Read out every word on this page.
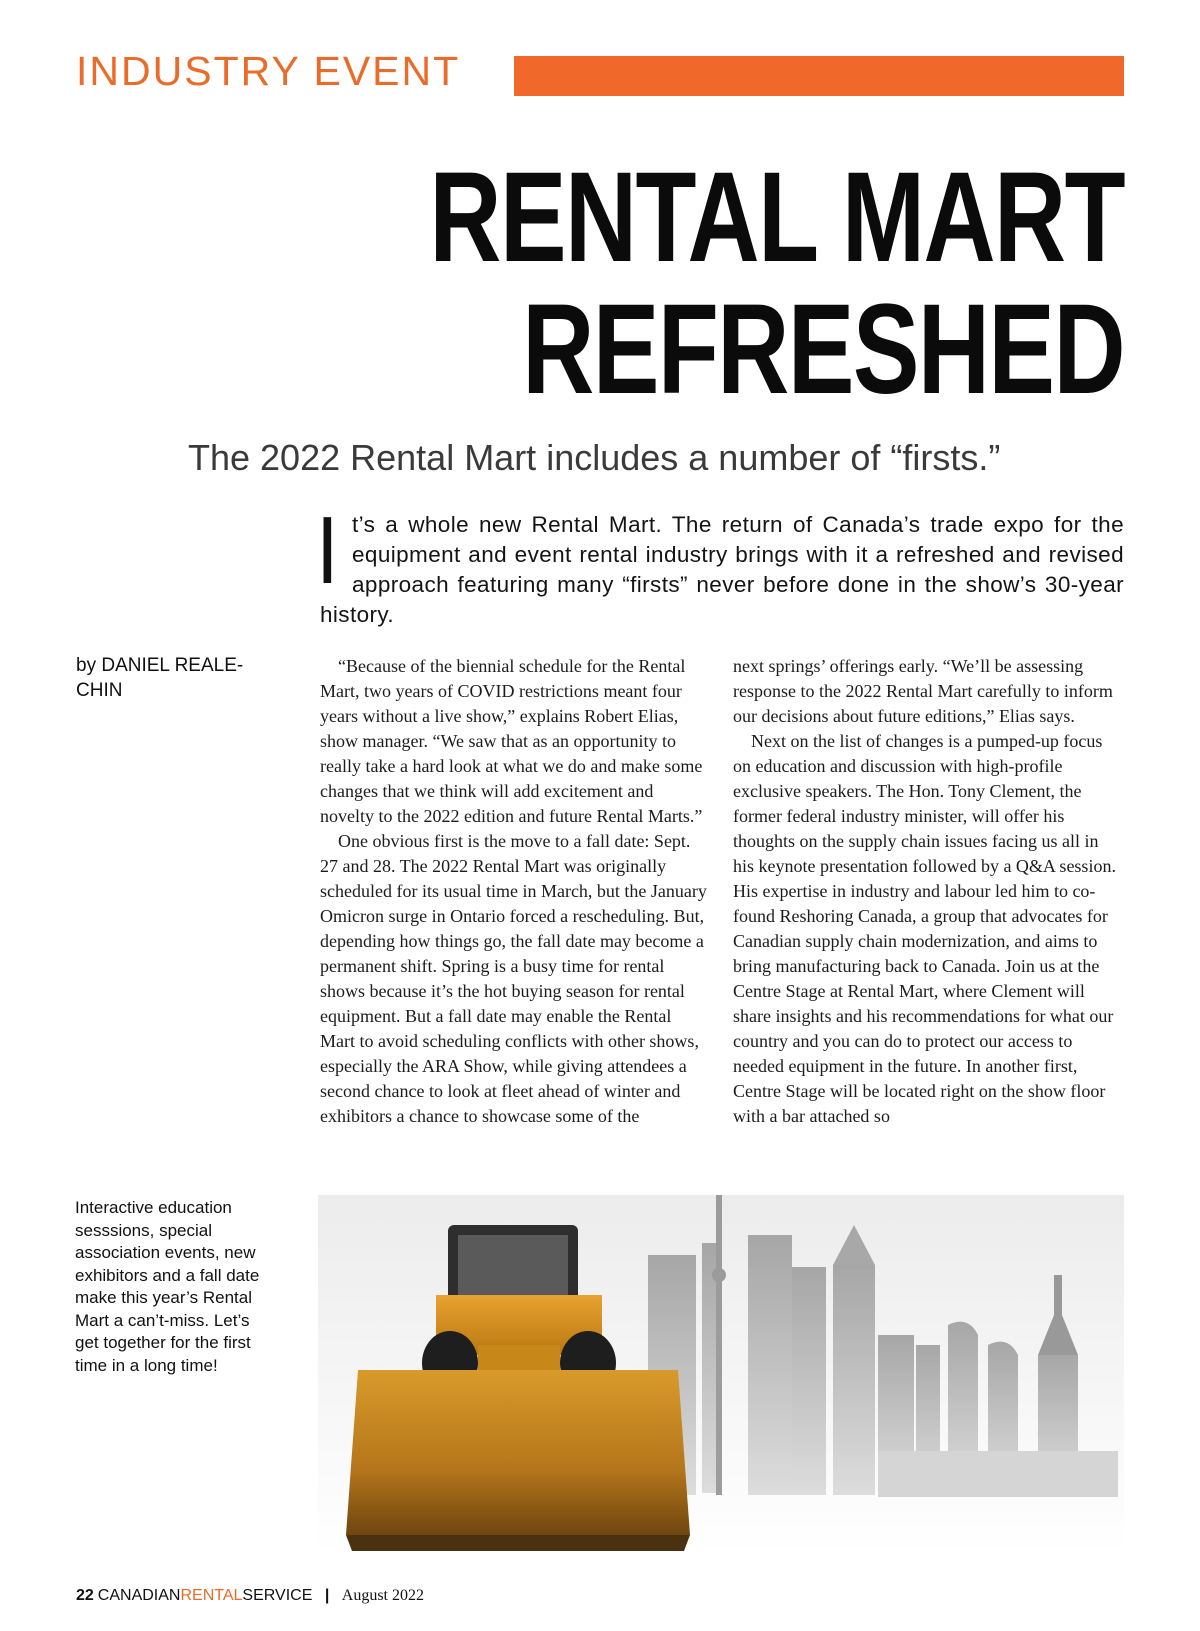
INDUSTRY EVENT
RENTAL MART
REFRESHED
The 2022 Rental Mart includes a number of “firsts.”
It’s a whole new Rental Mart. The return of Canada’s trade expo for the equipment and event rental industry brings with it a refreshed and revised approach featuring many “firsts” never before done in the show’s 30-year history.
by DANIEL REALE-CHIN

“Because of the biennial schedule for the Rental Mart, two years of COVID restrictions meant four years without a live show,” explains Robert Elias, show manager. “We saw that as an opportunity to really take a hard look at what we do and make some changes that we think will add excitement and novelty to the 2022 edition and future Rental Marts.”

One obvious first is the move to a fall date: Sept. 27 and 28. The 2022 Rental Mart was originally scheduled for its usual time in March, but the January Omicron surge in Ontario forced a rescheduling. But, depending how things go, the fall date may become a permanent shift. Spring is a busy time for rental shows because it’s the hot buying season for rental equipment. But a fall date may enable the Rental Mart to avoid scheduling conflicts with other shows, especially the ARA Show, while giving attendees a second chance to look at fleet ahead of winter and exhibitors a chance to showcase some of the

next springs’ offerings early. “We’ll be assessing response to the 2022 Rental Mart carefully to inform our decisions about future editions,” Elias says.

Next on the list of changes is a pumped-up focus on education and discussion with high-profile exclusive speakers. The Hon. Tony Clement, the former federal industry minister, will offer his thoughts on the supply chain issues facing us all in his keynote presentation followed by a Q&A session. His expertise in industry and labour led him to co-found Reshoring Canada, a group that advocates for Canadian supply chain modernization, and aims to bring manufacturing back to Canada. Join us at the Centre Stage at Rental Mart, where Clement will share insights and his recommendations for what our country and you can do to protect our access to needed equipment in the future. In another first, Centre Stage will be located right on the show floor with a bar attached so

Interactive education sesssions, special association events, new exhibitors and a fall date make this year’s Rental Mart a can’t-miss. Let’s get together for the first time in a long time!
22 CANADIANRENTALSERVICE | August 2022
